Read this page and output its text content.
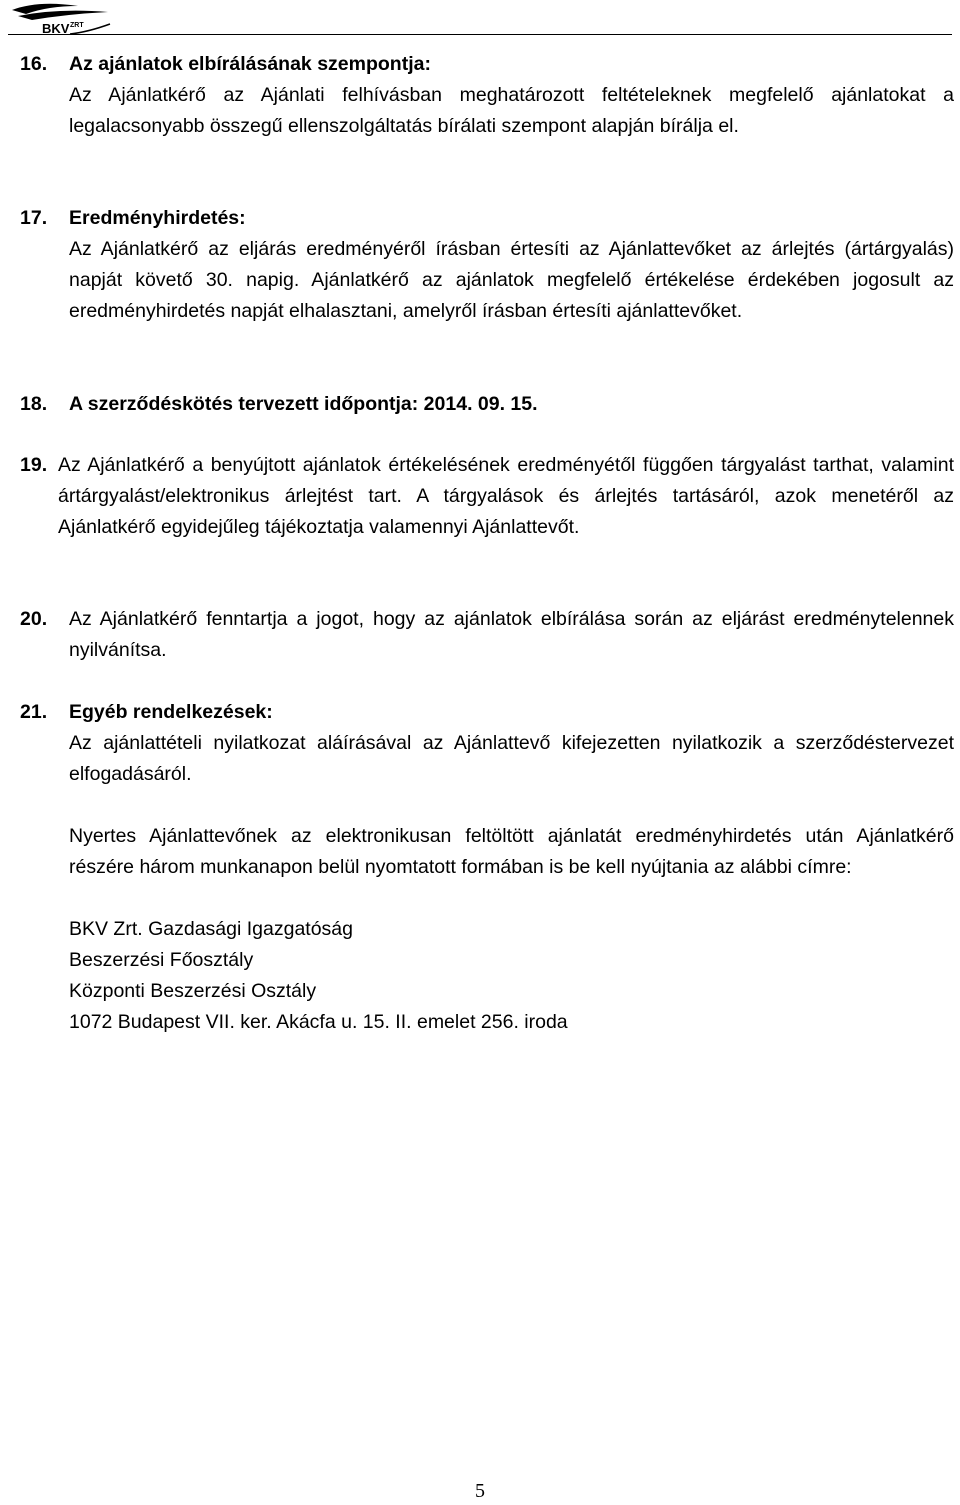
BKV ZRT
16. Az ajánlatok elbírálásának szempontja:
Az Ajánlatkérő az Ajánlati felhívásban meghatározott feltételeknek megfelelő ajánlatokat a legalacsonyabb összegű ellenszolgáltatás bírálati szempont alapján bírálja el.
17. Eredményhirdetés:
Az Ajánlatkérő az eljárás eredményéről írásban értesíti az Ajánlattevőket az árlejtés (ártárgyalás) napját követő 30. napig. Ajánlatkérő az ajánlatok megfelelő értékelése érdekében jogosult az eredményhirdetés napját elhalasztani, amelyről írásban értesíti ajánlattevőket.
18. A szerződéskötés tervezett időpontja: 2014. 09. 15.
19. Az Ajánlatkérő a benyújtott ajánlatok értékelésének eredményétől függően tárgyalást tarthat, valamint ártárgyalást/elektronikus árlejtést tart. A tárgyalások és árlejtés tartásáról, azok menetéről az Ajánlatkérő egyidejűleg tájékoztatja valamennyi Ajánlattevőt.
20. Az Ajánlatkérő fenntartja a jogot, hogy az ajánlatok elbírálása során az eljárást eredménytelennek nyilvánítsa.
21. Egyéb rendelkezések:
Az ajánlattételi nyilatkozat aláírásával az Ajánlattevő kifejezetten nyilatkozik a szerződéstervezet elfogadásáról.
Nyertes Ajánlattevőnek az elektronikusan feltöltött ajánlatát eredményhirdetés után Ajánlatkérő részére három munkanapon belül nyomtatott formában is be kell nyújtania az alábbi címre:
BKV Zrt. Gazdasági Igazgatóság
Beszerzési Főosztály
Központi Beszerzési Osztály
1072 Budapest VII. ker. Akácfa u. 15. II. emelet 256. iroda
5
